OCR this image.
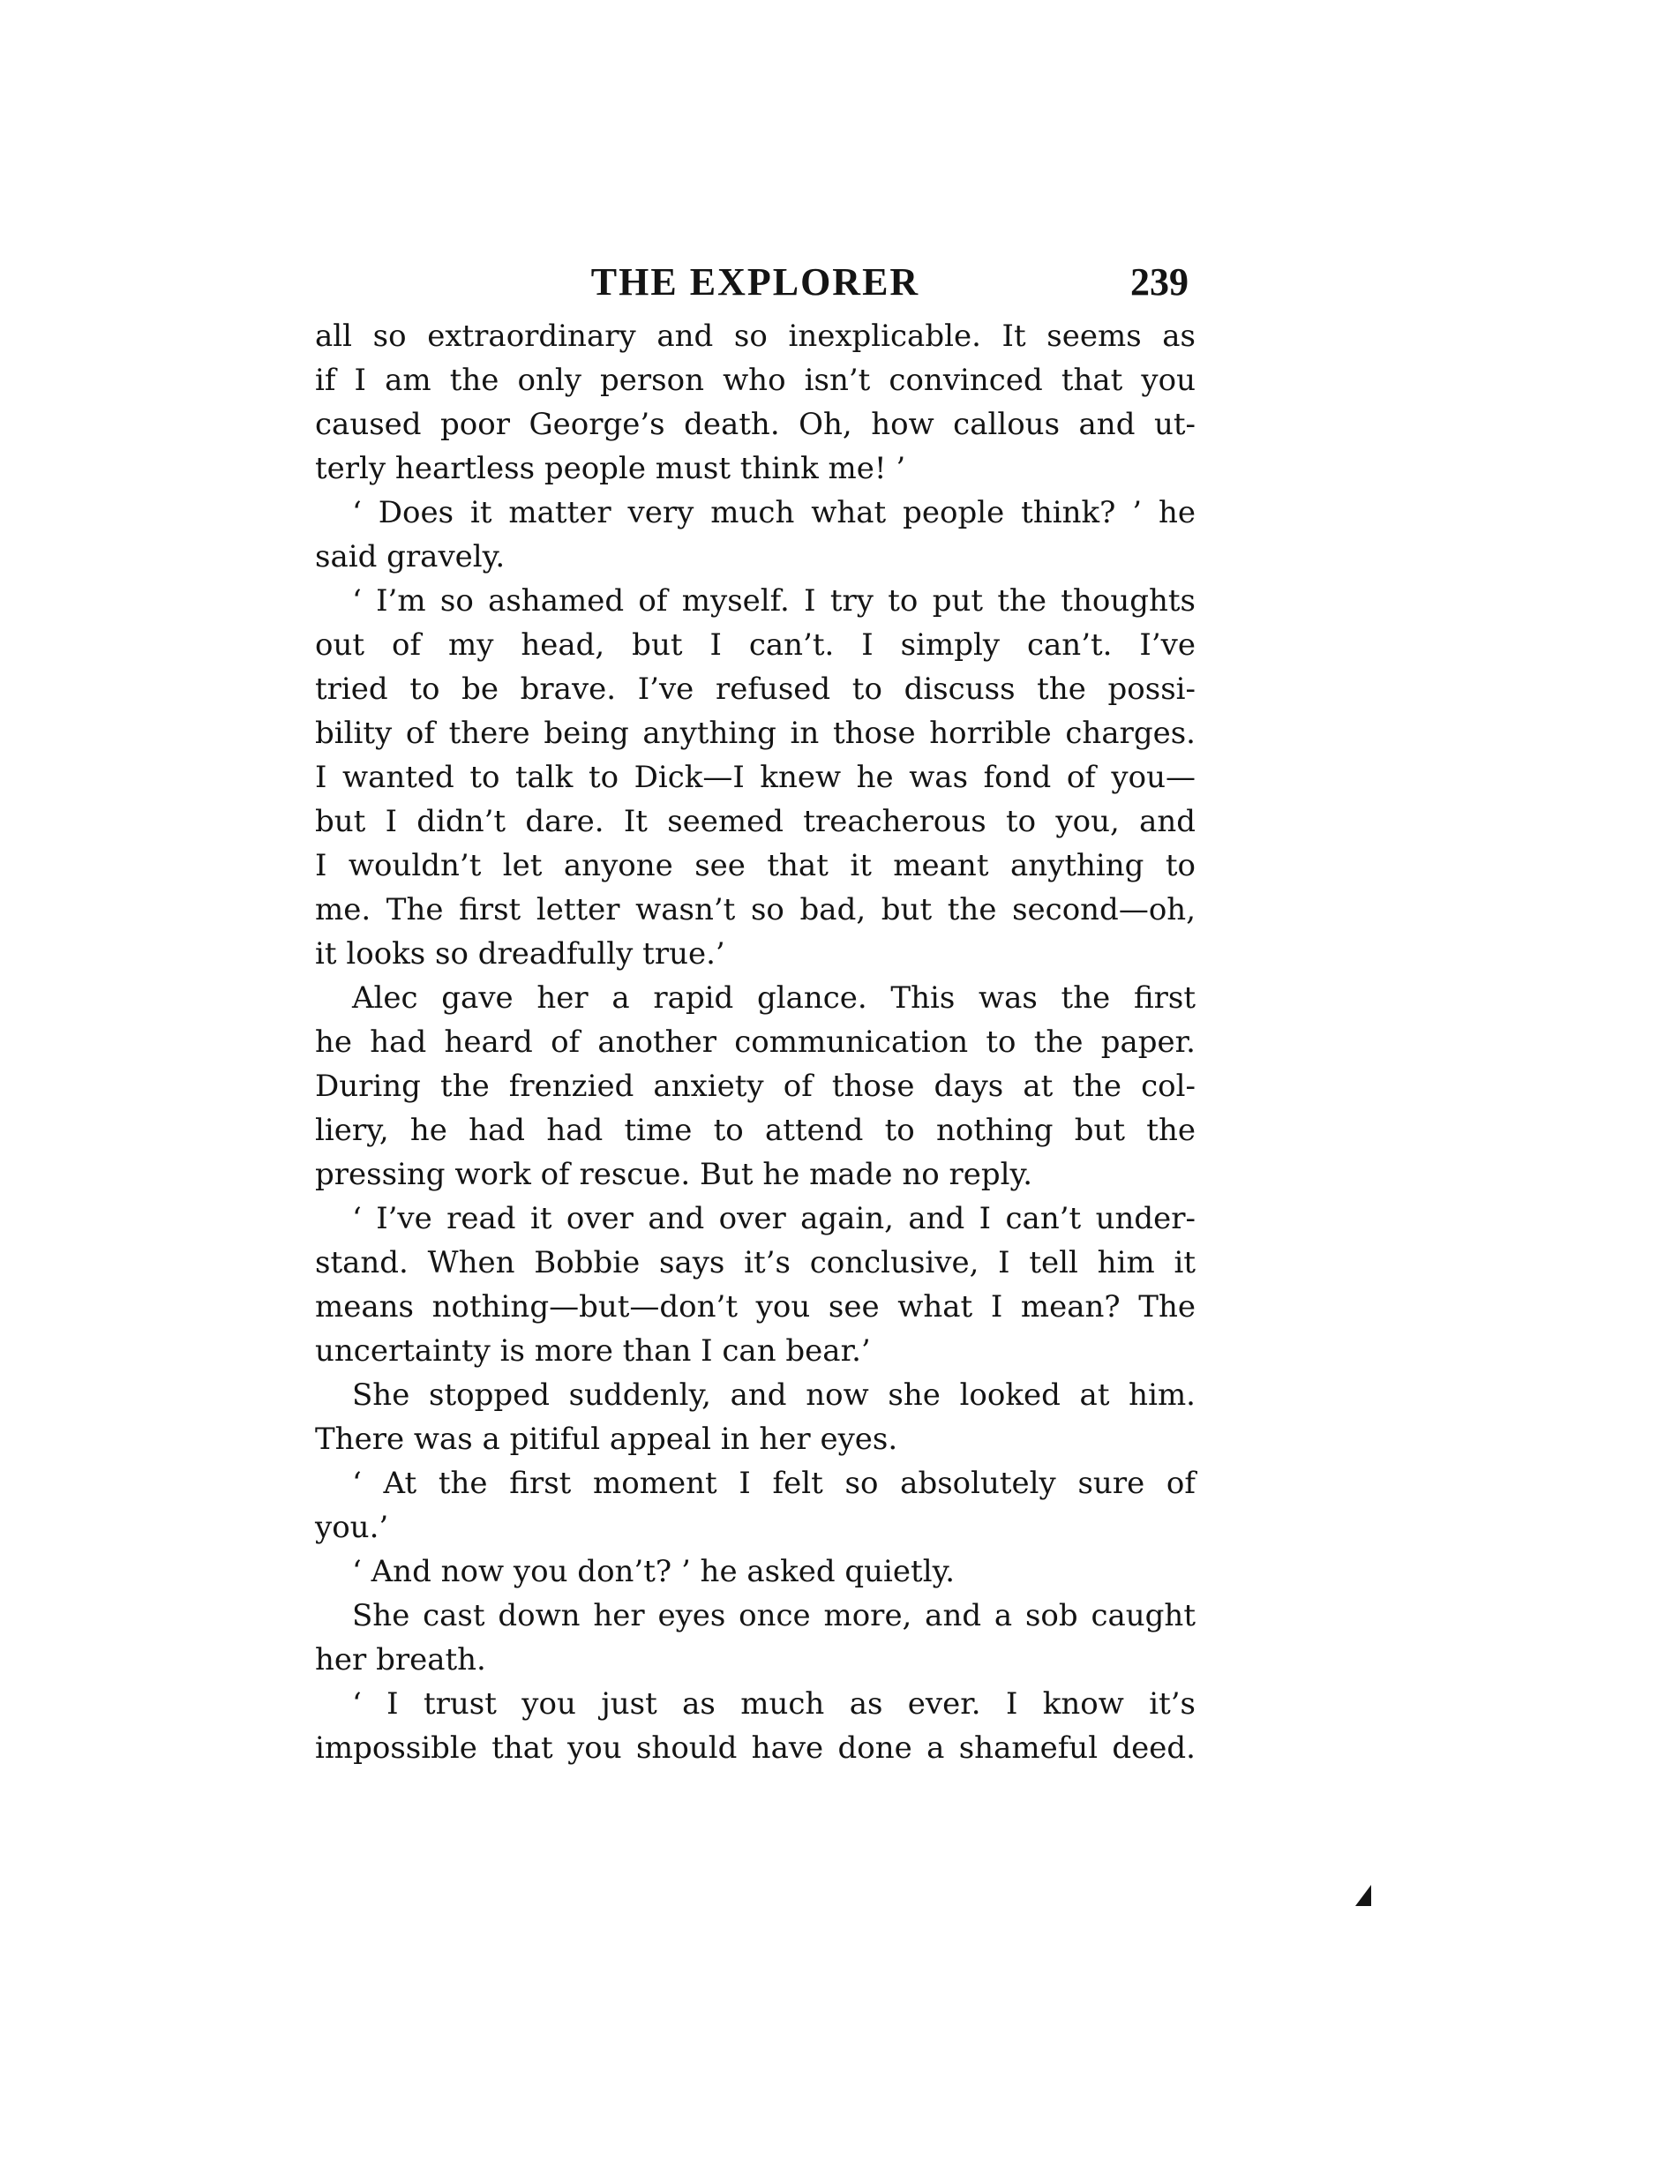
THE EXPLORER	239
all so extraordinary and so inexplicable. It seems as
if I am the only person who isn’t convinced that you
caused poor George’s death. Oh, how callous and ut-
terly heartless people must think me! ’
‘ Does it matter very much what people think? ’ he
said gravely.
‘ I’m so ashamed of myself. I try to put the thoughts
out of my head, but I can’t. I simply can’t. I’ve
tried to be brave. I’ve refused to discuss the possi-
bility of there being anything in those horrible charges.
I wanted to talk to Dick—I knew he was fond of you—
but I didn’t dare. It seemed treacherous to you, and
I wouldn’t let anyone see that it meant anything to
me. The first letter wasn’t so bad, but the second—oh,
it looks so dreadfully true.’
Alec gave her a rapid glance. This was the first
he had heard of another communication to the paper.
During the frenzied anxiety of those days at the col-
liery, he had had time to attend to nothing but the
pressing work of rescue. But he made no reply.
‘ I’ve read it over and over again, and I can’t under-
stand. When Bobbie says it’s conclusive, I tell him it
means nothing—but—don’t you see what I mean? The
uncertainty is more than I can bear.’
She stopped suddenly, and now she looked at him.
There was a pitiful appeal in her eyes.
‘ At the first moment I felt so absolutely sure of
you.’
‘ And now you don’t? ’ he asked quietly.
She cast down her eyes once more, and a sob caught
her breath.
‘ I trust you just as much as ever. I know it’s
impossible that you should have done a shameful deed.
